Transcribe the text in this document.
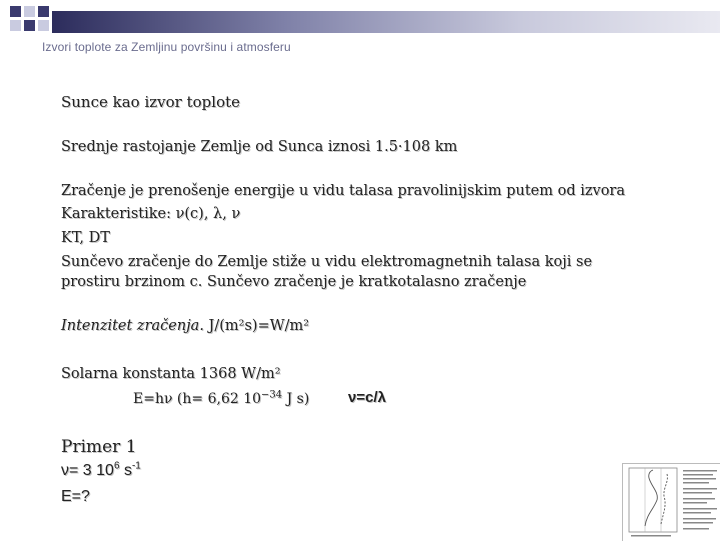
Izvori toplote za Zemljinu površinu i atmosferu
Sunce kao izvor toplote
Srednje rastojanje Zemlje od Sunca iznosi 1.5·108 km
Zračenje je prenošenje energije u vidu talasa pravolinijskim putem od izvora
Karakteristike: ν(c), λ, ν
KT, DT
Sunčevo zračenje do Zemlje stiže u vidu elektromagnetnih talasa koji se
prostiru brzinom c. Sunčevo zračenje je kratkotalasno zračenje
Intenzitet zračenja. J/(m²s)=W/m²
Solarna konstanta 1368 W/m²
E=hν (h= 6,62 $10^{-34}$ J s)	ν=c/λ
Primer 1
ν= 3 $10^6$ $s^{-1}$
E=?
